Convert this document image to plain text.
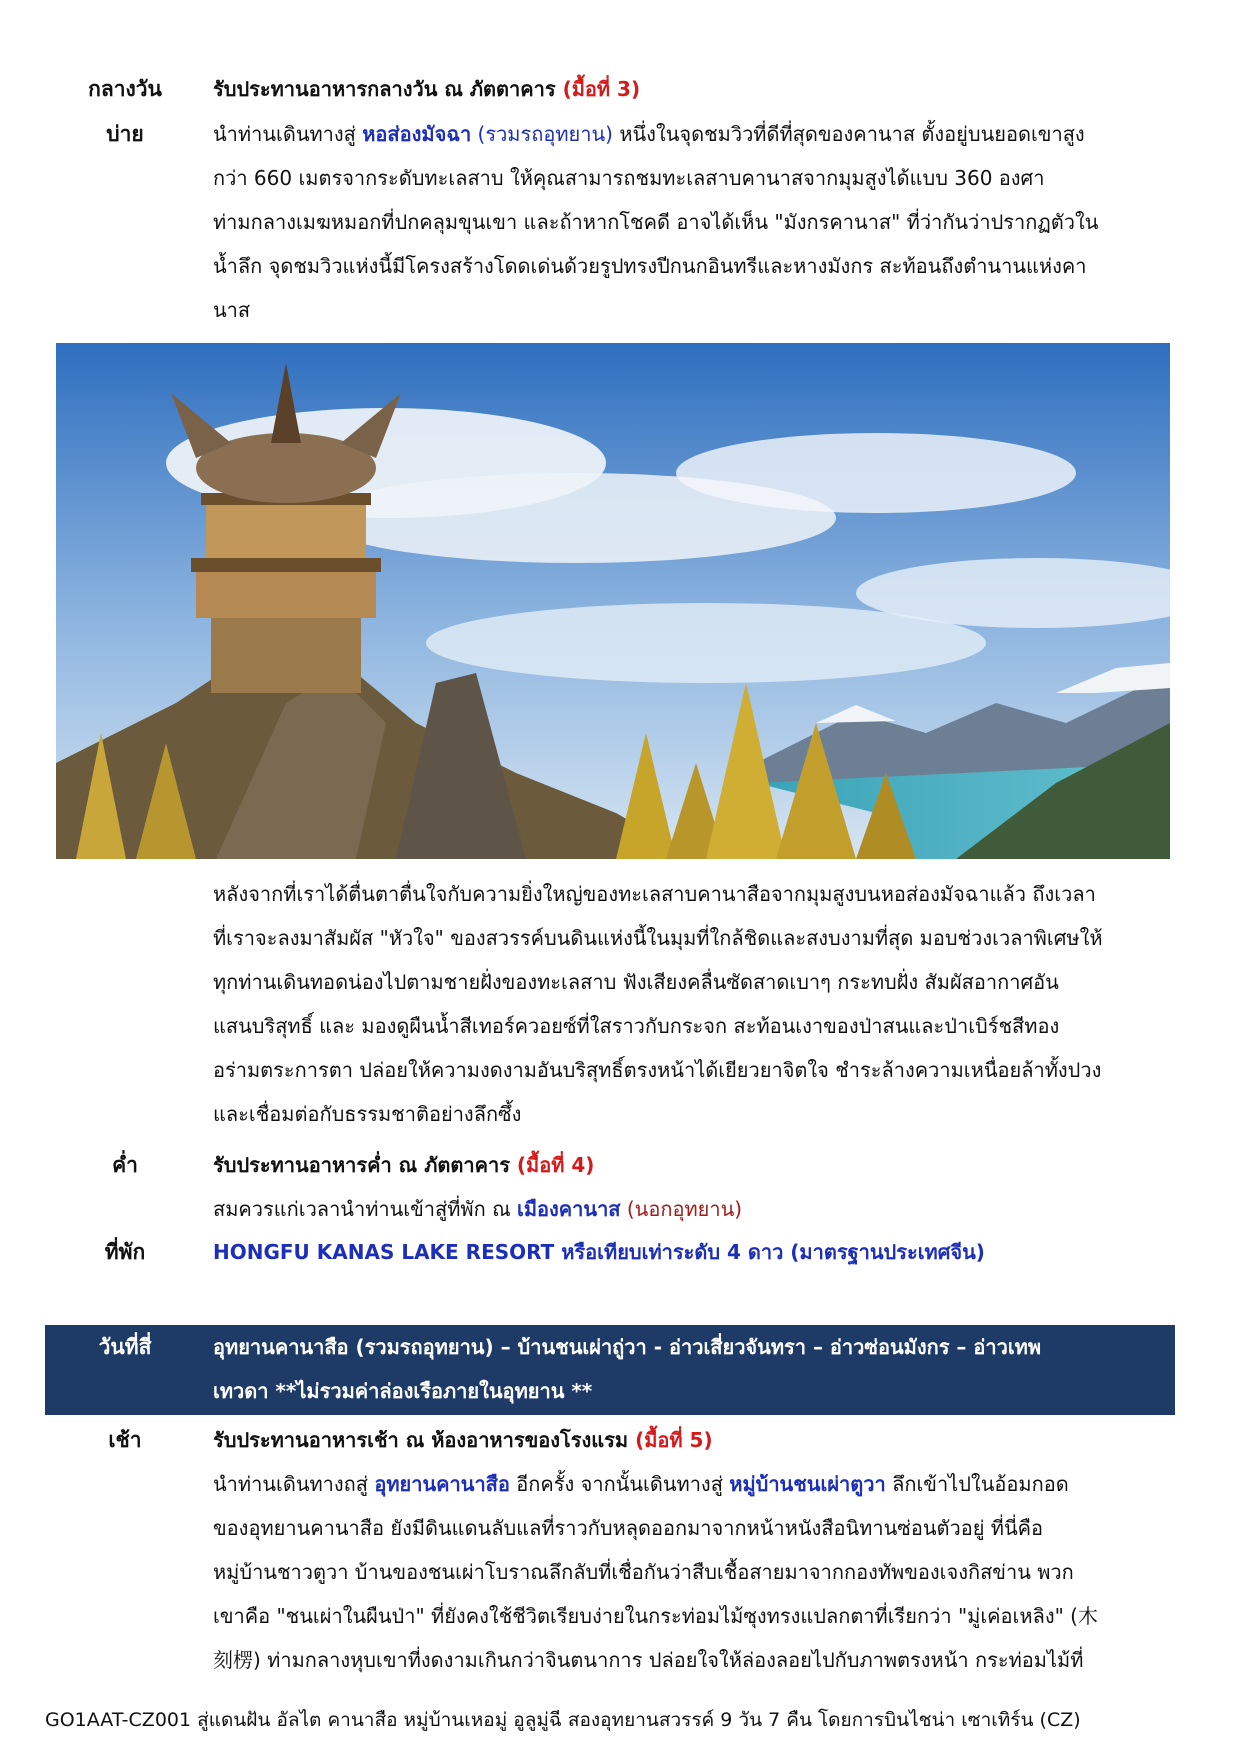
กลางวัน	รับประทานอาหารกลางวัน ณ ภัตตาคาร (มื้อที่ 3)
บ่าย	นำท่านเดินทางสู่ หอส่องมัจฉา (รวมรถอุทยาน) หนึ่งในจุดชมวิวที่ดีที่สุดของคานาส ตั้งอยู่บนยอดเขาสูง
กว่า 660 เมตรจากระดับทะเลสาบ ให้คุณสามารถชมทะเลสาบคานาสจากมุมสูงได้แบบ 360 องศา
ท่ามกลางเมฆหมอกที่ปกคลุมขุนเขา และถ้าหากโชคดี อาจได้เห็น "มังกรคานาส" ที่ว่ากันว่าปรากฏตัวใน
น้ำลึก จุดชมวิวแห่งนี้มีโครงสร้างโดดเด่นด้วยรูปทรงปีกนกอินทรีและหางมังกร สะท้อนถึงตำนานแห่งคา
นาส
หลังจากที่เราได้ตื่นตาตื่นใจกับความยิ่งใหญ่ของทะเลสาบคานาสือจากมุมสูงบนหอส่องมัจฉาแล้ว ถึงเวลา
ที่เราจะลงมาสัมผัส "หัวใจ" ของสวรรค์บนดินแห่งนี้ในมุมที่ใกล้ชิดและสงบงามที่สุด มอบช่วงเวลาพิเศษให้
ทุกท่านเดินทอดน่องไปตามชายฝั่งของทะเลสาบ ฟังเสียงคลื่นซัดสาดเบาๆ กระทบฝั่ง สัมผัสอากาศอัน
แสนบริสุทธิ์ และ มองดูผืนน้ำสีเทอร์ควอยซ์ที่ใสราวกับกระจก สะท้อนเงาของป่าสนและป่าเบิร์ชสีทอง
อร่ามตระการตา ปล่อยให้ความงดงามอันบริสุทธิ์ตรงหน้าได้เยียวยาจิตใจ ชำระล้างความเหนื่อยล้าทั้งปวง
และเชื่อมต่อกับธรรมชาติอย่างลึกซึ้ง
ค่ำ	รับประทานอาหารค่ำ ณ ภัตตาคาร (มื้อที่ 4)
สมควรแก่เวลานำท่านเข้าสู่ที่พัก ณ เมืองคานาส (นอกอุทยาน)
ที่พัก	HONGFU KANAS LAKE RESORT หรือเทียบเท่าระดับ 4 ดาว (มาตรฐานประเทศจีน)
วันที่สี่	อุทยานคานาสือ (รวมรถอุทยาน) – บ้านชนเผ่าถู่วา - อ่าวเสี่ยวจันทรา – อ่าวซ่อนมังกร – อ่าวเทพ
เทวดา **ไม่รวมค่าล่องเรือภายในอุทยาน **
เช้า	รับประทานอาหารเช้า ณ ห้องอาหารของโรงแรม (มื้อที่ 5)
นำท่านเดินทางถสู่ อุทยานคานาสือ อีกครั้ง จากนั้นเดินทางสู่ หมู่บ้านชนเผ่าตูวา ลึกเข้าไปในอ้อมกอด
ของอุทยานคานาสือ ยังมีดินแดนลับแลที่ราวกับหลุดออกมาจากหน้าหนังสือนิทานซ่อนตัวอยู่ ที่นี่คือ
หมู่บ้านชาวตูวา บ้านของชนเผ่าโบราณลึกลับที่เชื่อกันว่าสืบเชื้อสายมาจากกองทัพของเจงกิสข่าน พวก
เขาคือ "ชนเผ่าในผืนป่า" ที่ยังคงใช้ชีวิตเรียบง่ายในกระท่อมไม้ซุงทรงแปลกตาที่เรียกว่า "มู่เค่อเหลิง" (木
刻楞) ท่ามกลางหุบเขาที่งดงามเกินกว่าจินตนาการ ปล่อยใจให้ล่องลอยไปกับภาพตรงหน้า กระท่อมไม้ที่
GO1AAT-CZ001 สู่แดนฝัน อัลไต คานาสือ หมู่บ้านเหอมู่ อูลูมู่ฉี สองอุทยานสวรรค์ 9 วัน 7 คืน โดยการบินไชน่า เซาเทิร์น (CZ)
